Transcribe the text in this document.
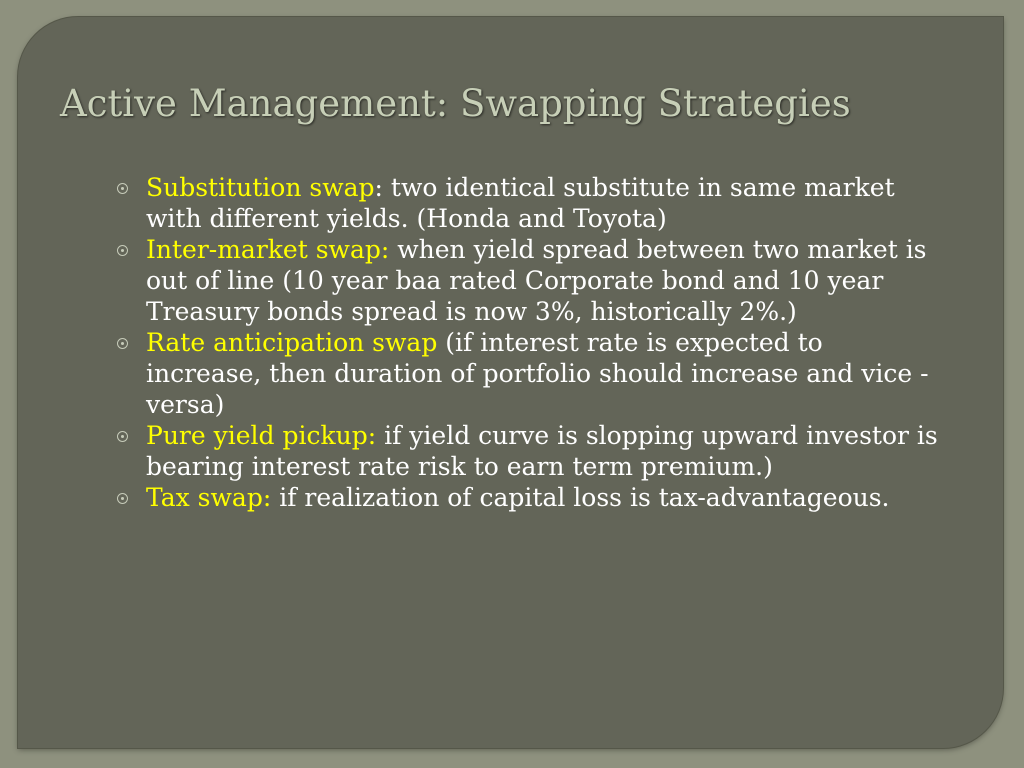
Active Management: Swapping Strategies
Substitution swap: two identical substitute in same market with different yields. (Honda and Toyota)
Inter-market swap: when yield spread between two market is out of line (10 year baa rated Corporate bond and 10 year Treasury bonds spread is now 3%, historically 2%.)
Rate anticipation swap (if interest rate is expected to increase, then duration of portfolio should increase and vice -versa)
Pure yield pickup: if yield curve is slopping upward investor is bearing interest rate risk to earn term premium.)
Tax swap: if realization of capital loss is tax-advantageous.
